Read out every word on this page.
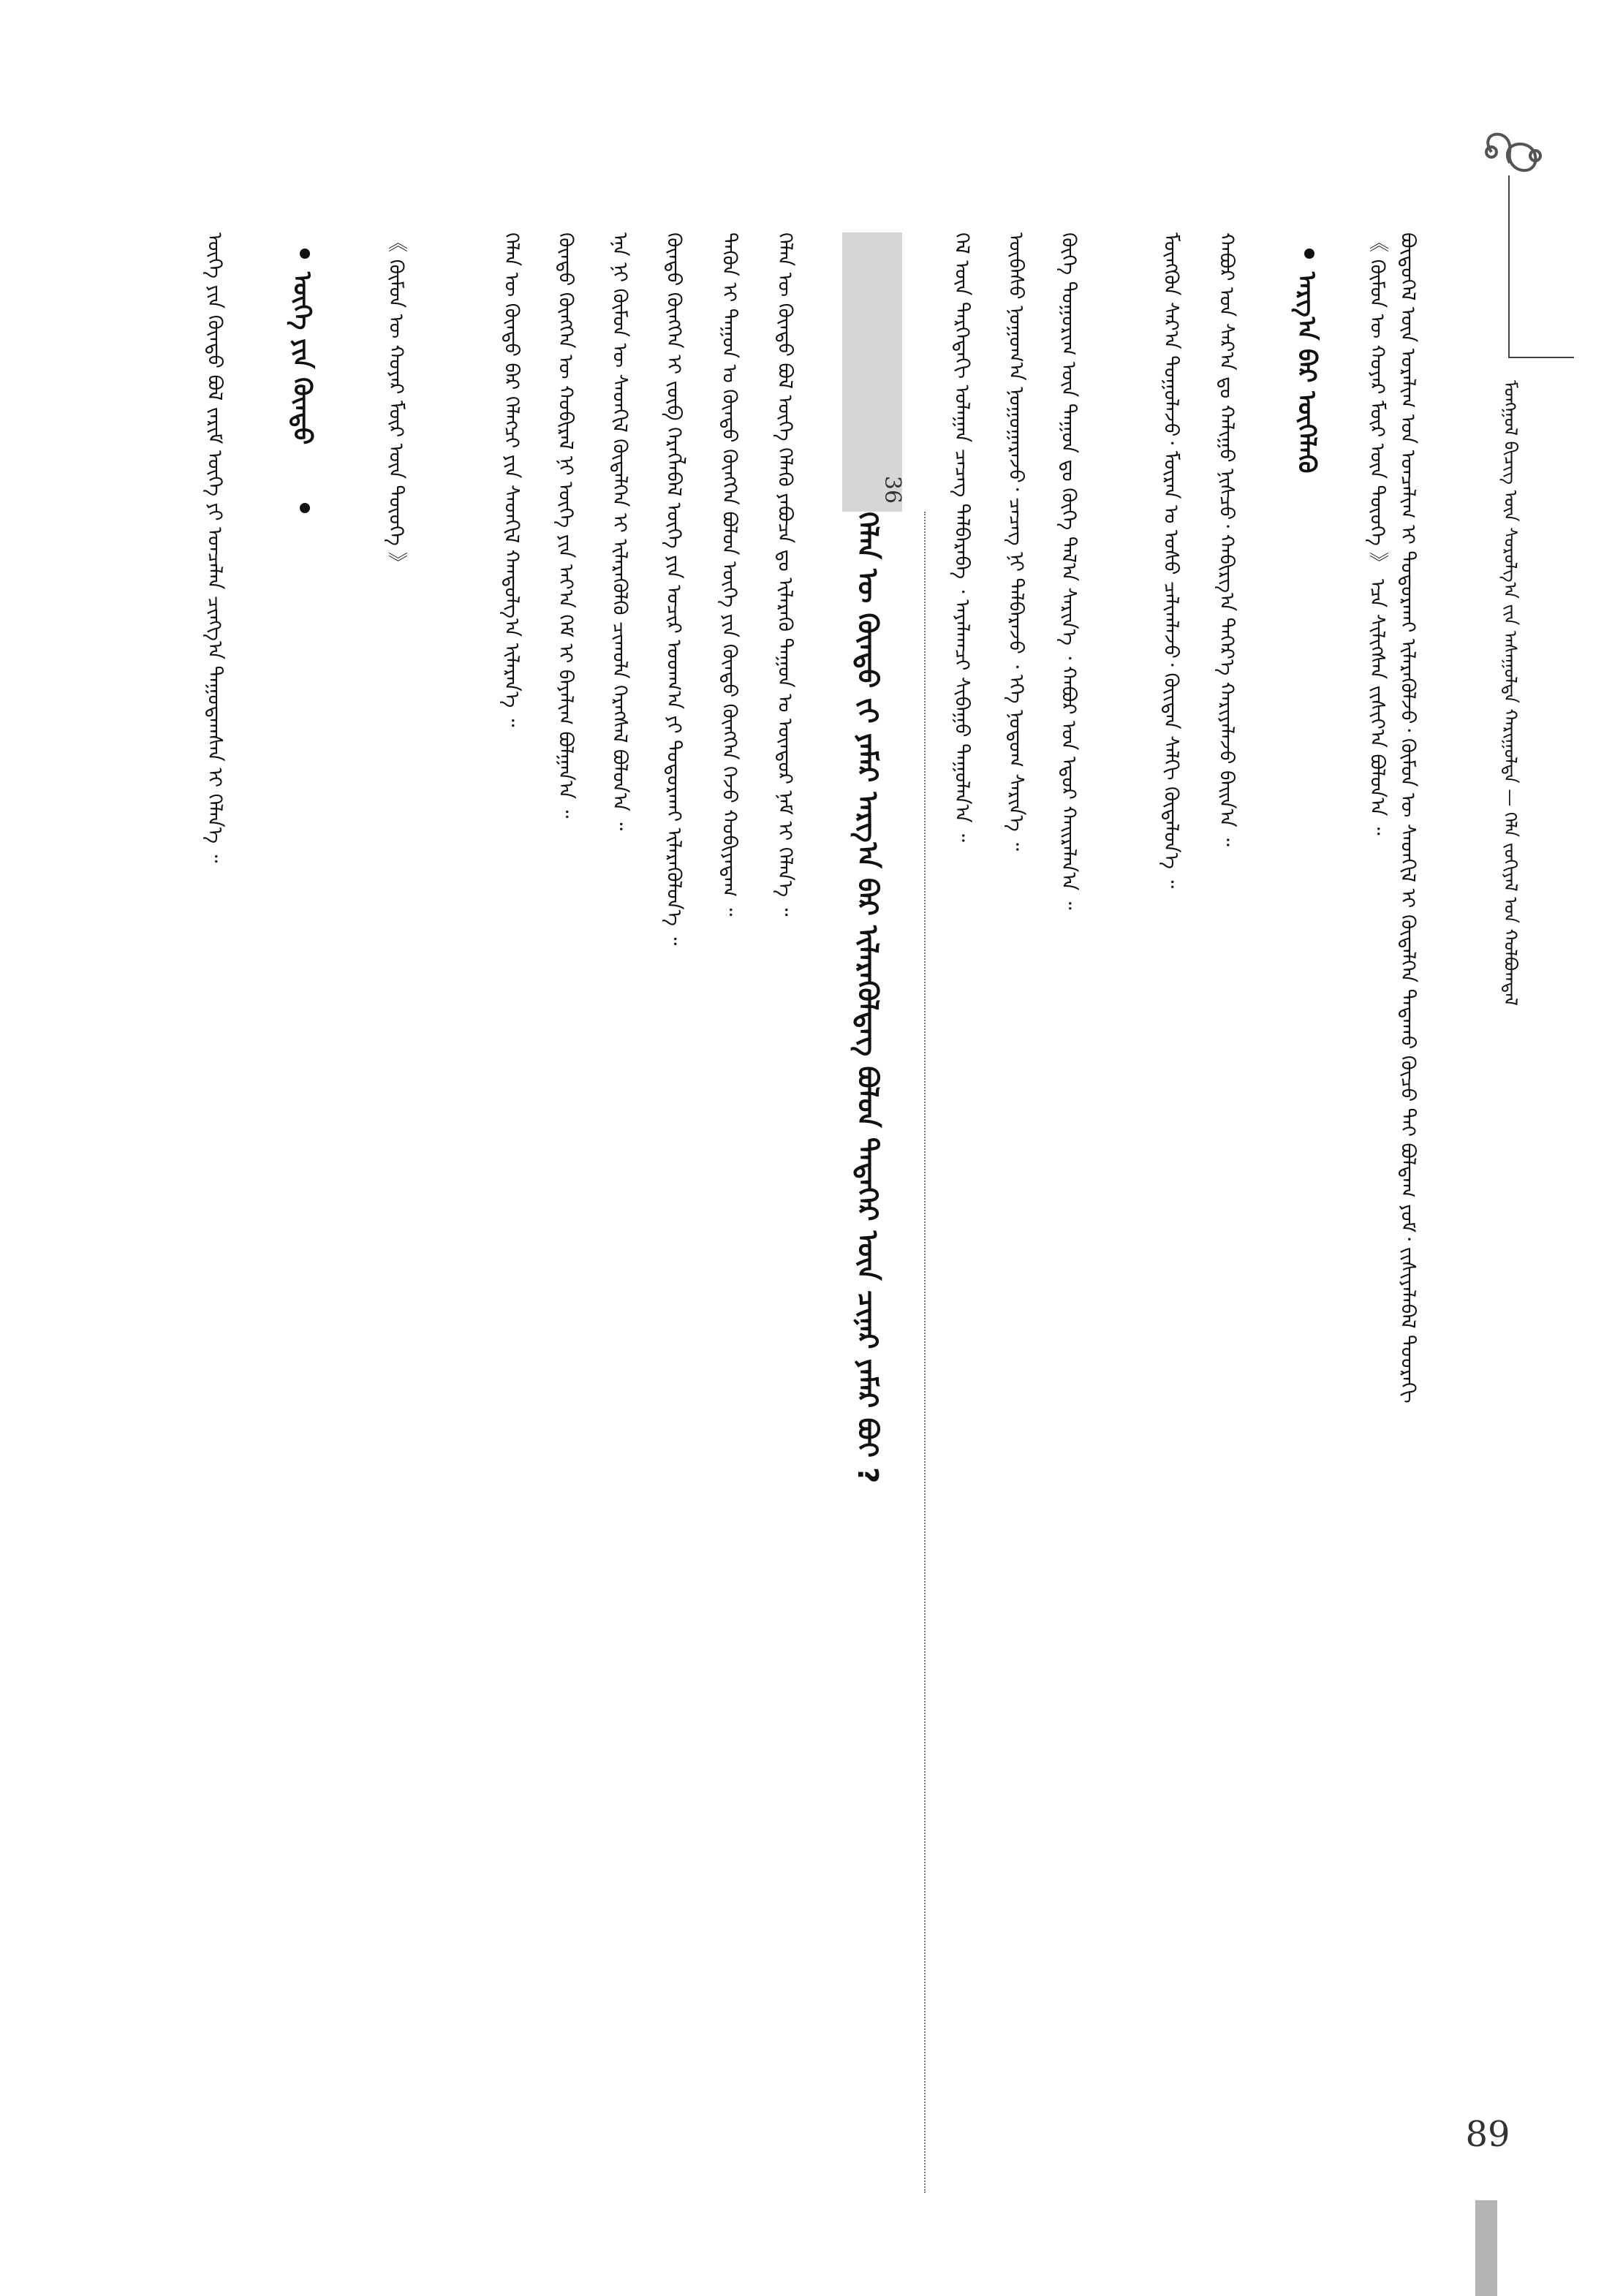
ᠮᠣᠩᠭᠣᠯ ᠪᠢᠴᠢᠭ ᠦᠨ ᠰᠤᠷᠤᠯᠭ᠎ᠠ ᠵᠢᠨ ᠠᠰᠠᠭᠤᠯᠲᠠ ᠬᠠᠷᠢᠭᠤᠯᠲᠠ — ᠬᠡᠯᠡ ᠵᠣᠬᠢᠶᠠᠯ ᠤᠨ ᠬᠣᠯᠪᠣᠭᠳᠠᠯ
ᠪᠦᠲᠦᠭᠡᠯ ᠦᠨ ᠤᠷᠠᠯᠢᠭ ᠤᠨ ᠣᠨᠴᠠᠯᠢᠭ ᠢ ᠲᠣᠳᠣᠷᠬᠠᠢ ᠢᠯᠡᠷᠡᠭᠦᠯᠵᠦ᠂ ᠬᠦᠮᠦᠨ ᠦ ᠰᠡᠳᠬᠢᠯ ᠢ ᠬᠥᠳᠡᠯᠭᠡᠨ ᠲᠠᠲᠠᠬᠤ ᠬᠦᠴᠦ ᠲᠡᠶ ᠪᠣᠯᠳᠠᠭ ᠶᠤᠮ᠂ ᠵᠢᠱᠢᠶᠡᠯᠡᠪᠡᠯ ᠳᠣᠣᠷᠠᠬᠢ
《 ᠬᠦᠮᠦᠨ ᠦ ᠬᠣᠶᠠᠷ ᠮᠥᠷ ᠦᠨ ᠲᠦᠦᠬᠡ 》 ᠡᠴᠡ ᠰᠢᠯᠢᠭᠰᠡᠨ ᠵᠢᠱᠢᠶ᠎ᠠ ᠪᠣᠯᠤᠨ᠎ᠠ ᠃
ᠠᠷᠭ᠎ᠠ ᠪᠠᠷ ᠦᠭᠡᠯᠡᠬᠦ
ᠬᠠᠪᠤᠷ ᠤᠨ ᠰᠠᠷ᠎ᠠ ᠳᠤ ᠬᠠᠯᠢᠭᠤ ᠨᠢᠰᠴᠦ᠂ ᠬᠠᠪᠢᠷᠭ᠎ᠠ ᠳᠡᠭᠡᠷ᠎ᠡ ᠬᠠᠷᠢᠶᠠᠯᠠᠵᠤ ᠪᠠᠢᠨ᠎ᠠ ᠃
ᠮᠥᠩᠭᠦᠨ ᠰᠠᠷ᠎ᠠ ᠳᠣᠭᠤᠯᠠᠵᠤ᠂ ᠮᠥᠷᠡᠨ ᠤ ᠤᠰᠤ ᠴᠠᠯᠢᠭᠯᠠᠵᠤ᠂ ᠬᠦᠢᠲᠡᠨ ᠰᠠᠯᠬᠢ ᠬᠥᠳᠡᠯᠦᠨ᠎ᠡ ᠃
ᠬᠥᠬᠡ ᠲᠣᠭᠣᠷᠢᠭ ᠦᠨ ᠳᠠᠭᠤᠨ ᠳᠤ ᠬᠥᠬᠡ ᠲᠠᠯ᠎ᠠ ᠰᠡᠷᠢᠨ᠎ᠡ ᠂ ᠬᠠᠪᠤᠷ ᠤᠨ ᠡᠳᠦᠷ ᠬᠠᠢᠷᠠᠯᠠᠨ᠎ᠠ ᠃
ᠦᠪᠡᠰᠦ ᠨᠣᠭᠣᠭ᠎ᠠ ᠨᠣᠭᠣᠭᠠᠷᠠᠵᠤ᠂ ᠴᠡᠴᠡᠭ ᠨᠢ ᠳᠡᠯᠪᠡᠷᠡᠵᠦ ᠂ ᠡᠬᠡ ᠨᠤᠲᠤᠭ ᠰᠡᠷᠢᠨ᠎ᠡ ᠃
ᠭᠡᠯ ᠦᠨ ᠳᠡᠷᠭᠡᠳᠡᠬᠢ ᠤᠯᠠᠭᠠᠨ ᠴᠡᠴᠡᠭ ᠳᠡᠯᠪᠡᠷᠡᠪᠡ ᠂ ᠠᠶᠠᠯᠠᠭᠴᠢ ᠰᠢᠪᠠᠭᠤ ᠳᠠᠭᠤᠯᠠᠨ᠎ᠠ ᠃
36
ᠬᠡᠯᠡᠨ ᠦ ᠬᠦᠨᠳᠦ ᠵᠢ ᠶᠠᠮᠠᠷ ᠠᠷᠭ᠎ᠠ ᠪᠠᠷ ᠢᠯᠡᠷᠡᠭᠦᠯᠳᠡᠭ ᠪᠣᠯᠣᠨ ᠲᠡᠳᠡᠭᠡᠷ ᠦᠨ ᠴᠢᠨᠠᠷ ᠶᠠᠮᠠᠷ ᠪᠤᠢ ?
ᠬᠡᠯᠡᠨ ᠦ ᠬᠦᠨᠳᠦ ᠪᠣᠯ ᠦᠭᠡ ᠬᠡᠯᠡᠬᠦ ᠶᠠᠪᠤᠴᠠ ᠳᠤ ᠢᠯᠡᠷᠡᠬᠦ ᠳᠠᠭᠤᠨ ᠤ ᠥᠨᠳᠥᠷ ᠨᠠᠮ ᠢ ᠬᠡᠯᠡᠨ᠎ᠡ ᠃
ᠲᠡᠭᠦᠨ ᠢ ᠳᠠᠭᠤᠨ ᠤ ᠬᠦᠨᠳᠦ ᠬᠥᠩᠭᠡᠨ ᠪᠣᠯᠤᠨ ᠦᠭᠡ ᠶᠢᠨ ᠬᠦᠨᠳᠦ ᠬᠥᠩᠭᠡᠨ ᠭᠡᠵᠦ ᠬᠤᠪᠢᠶᠠᠳᠠᠭ ᠃
ᠬᠦᠨᠳᠦ ᠬᠥᠩᠭᠡᠨ ᠢ ᠵᠥᠪ ᠬᠡᠷᠡᠭᠯᠡᠪᠡᠯ ᠦᠭᠡ ᠶᠢᠨ ᠤᠴᠢᠷ ᠤᠳᠬ᠎ᠠ ᠶᠢ ᠲᠣᠳᠣᠷᠬᠠᠢ ᠢᠯᠡᠷᠡᠭᠦᠯᠦᠨ᠎ᠡ ᠃
ᠡᠨᠡ ᠨᠢ ᠬᠦᠮᠦᠨ ᠦ ᠰᠡᠳᠬᠢᠯ ᠬᠥᠳᠡᠯᠭᠡᠨ ᠢ ᠢᠯᠡᠷᠡᠭᠦᠯᠬᠦ ᠴᠢᠬᠤᠯᠠ ᠬᠡᠷᠡᠭᠰᠡᠯ ᠪᠣᠯᠤᠨ᠎ᠠ ᠃
ᠬᠦᠨᠳᠦ ᠬᠥᠩᠭᠡᠨ ᠦ ᠬᠤᠪᠢᠷᠠᠯ ᠨᠢ ᠦᠭᠡ ᠶᠢᠨ ᠠᠶ᠎ᠠ ᠬᠡᠮ ᠢ ᠪᠠᠶᠠᠯᠢᠭ ᠪᠣᠯᠭᠠᠨ᠎ᠠ ᠃
ᠬᠡᠯᠡᠨ ᠦ ᠬᠦᠨᠳᠦ ᠪᠠᠷ ᠬᠡᠯᠡᠭᠴᠢ ᠶᠢᠨ ᠰᠡᠳᠬᠢᠯ ᠬᠠᠨᠳᠤᠯᠭ᠎ᠠ ᠢᠯᠡᠷᠡᠨ᠎ᠡ ᠃
《 ᠬᠦᠮᠦᠨ ᠦ ᠬᠣᠶᠠᠷ ᠮᠥᠷ ᠦᠨ ᠲᠦᠦᠬᠡ 》
ᠦᠭᠡ ᠶᠢᠨ ᠬᠦᠨᠳᠦ
ᠦᠭᠡ ᠶᠢᠨ ᠬᠦᠨᠳᠦ ᠪᠣᠯ ᠵᠠᠷᠢᠮ ᠦᠭᠡ ᠶᠢ ᠣᠨᠴᠠᠯᠠᠨ ᠴᠢᠩᠭ᠎ᠠ ᠳᠠᠭᠤᠳᠠᠭᠰᠠᠨ ᠢ ᠬᠡᠯᠡᠨ᠎ᠡ ᠃
89
